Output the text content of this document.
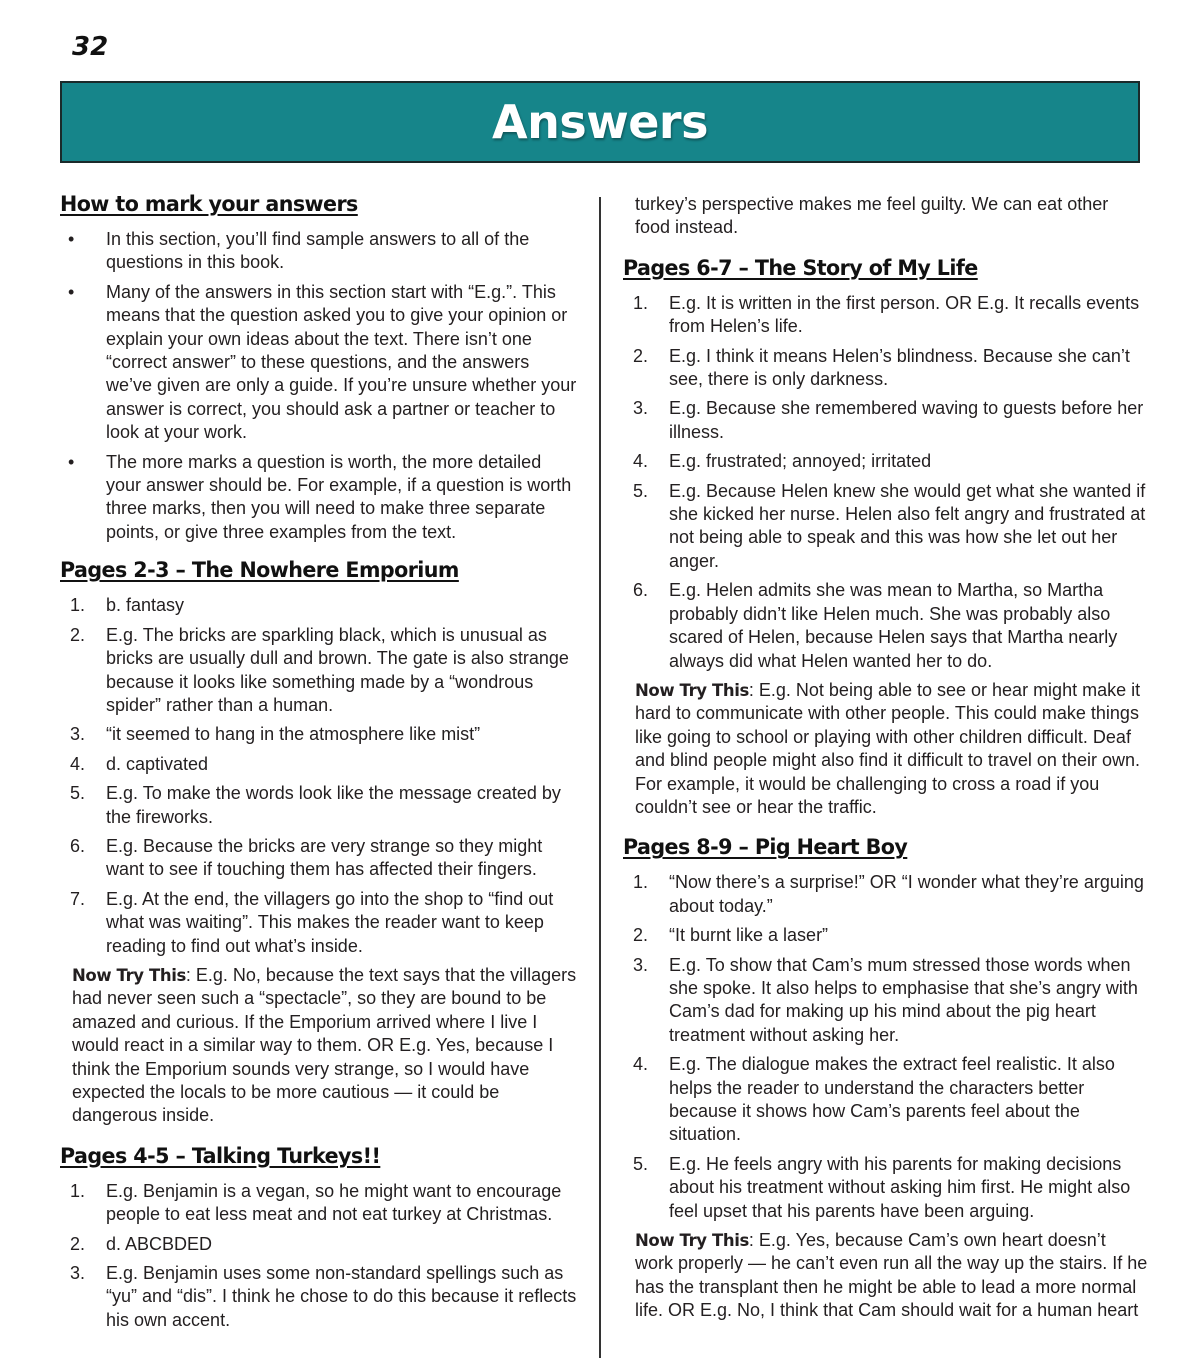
32
Answers
How to mark your answers
• In this section, you’ll find sample answers to all of the questions in this book.
• Many of the answers in this section start with “E.g.”. This means that the question asked you to give your opinion or explain your own ideas about the text. There isn’t one “correct answer” to these questions, and the answers we’ve given are only a guide. If you’re unsure whether your answer is correct, you should ask a partner or teacher to look at your work.
• The more marks a question is worth, the more detailed your answer should be. For example, if a question is worth three marks, then you will need to make three separate points, or give three examples from the text.
Pages 2-3 – The Nowhere Emporium
1. b. fantasy
2. E.g. The bricks are sparkling black, which is unusual as bricks are usually dull and brown. The gate is also strange because it looks like something made by a “wondrous spider” rather than a human.
3. “it seemed to hang in the atmosphere like mist”
4. d. captivated
5. E.g. To make the words look like the message created by the fireworks.
6. E.g. Because the bricks are very strange so they might want to see if touching them has affected their fingers.
7. E.g. At the end, the villagers go into the shop to “find out what was waiting”. This makes the reader want to keep reading to find out what’s inside.
Now Try This: E.g. No, because the text says that the villagers had never seen such a “spectacle”, so they are bound to be amazed and curious. If the Emporium arrived where I live I would react in a similar way to them. OR E.g. Yes, because I think the Emporium sounds very strange, so I would have expected the locals to be more cautious — it could be dangerous inside.
Pages 4-5 – Talking Turkeys!!
1. E.g. Benjamin is a vegan, so he might want to encourage people to eat less meat and not eat turkey at Christmas.
2. d. ABCBDED
3. E.g. Benjamin uses some non-standard spellings such as “yu” and “dis”. I think he chose to do this because it reflects his own accent.
turkey’s perspective makes me feel guilty. We can eat other food instead.
Pages 6-7 – The Story of My Life
1. E.g. It is written in the first person. OR E.g. It recalls events from Helen’s life.
2. E.g. I think it means Helen’s blindness. Because she can’t see, there is only darkness.
3. E.g. Because she remembered waving to guests before her illness.
4. E.g. frustrated; annoyed; irritated
5. E.g. Because Helen knew she would get what she wanted if she kicked her nurse. Helen also felt angry and frustrated at not being able to speak and this was how she let out her anger.
6. E.g. Helen admits she was mean to Martha, so Martha probably didn’t like Helen much. She was probably also scared of Helen, because Helen says that Martha nearly always did what Helen wanted her to do.
Now Try This: E.g. Not being able to see or hear might make it hard to communicate with other people. This could make things like going to school or playing with other children difficult. Deaf and blind people might also find it difficult to travel on their own. For example, it would be challenging to cross a road if you couldn’t see or hear the traffic.
Pages 8-9 – Pig Heart Boy
1. “Now there’s a surprise!” OR “I wonder what they’re arguing about today.”
2. “It burnt like a laser”
3. E.g. To show that Cam’s mum stressed those words when she spoke. It also helps to emphasise that she’s angry with Cam’s dad for making up his mind about the pig heart treatment without asking her.
4. E.g. The dialogue makes the extract feel realistic. It also helps the reader to understand the characters better because it shows how Cam’s parents feel about the situation.
5. E.g. He feels angry with his parents for making decisions about his treatment without asking him first. He might also feel upset that his parents have been arguing.
Now Try This: E.g. Yes, because Cam’s own heart doesn’t work properly — he can’t even run all the way up the stairs. If he has the transplant then he might be able to lead a more normal life. OR E.g. No, I think that Cam should wait for a human heart
